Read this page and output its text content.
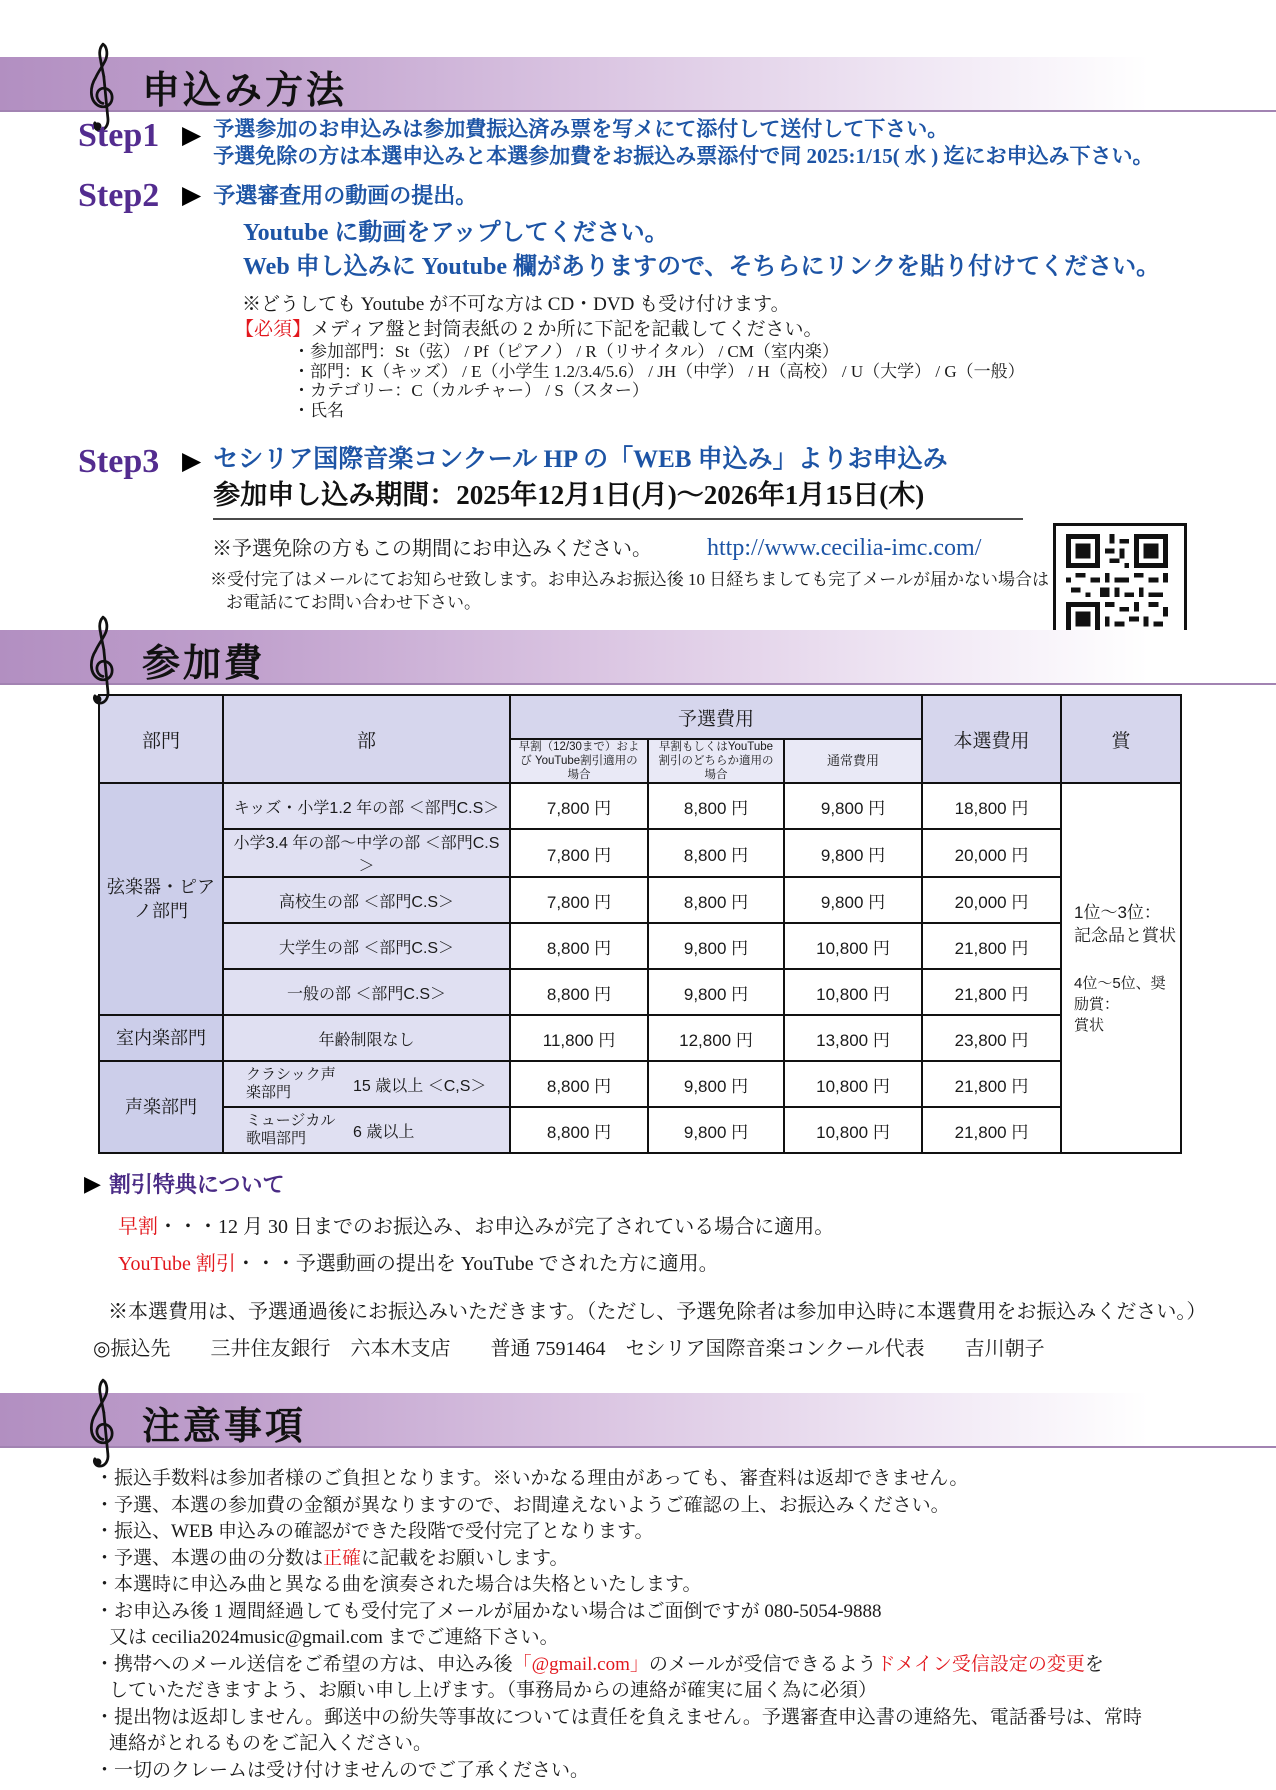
申込み方法
Step1 ▶ 予選参加のお申込みは参加費振込済み票を写メにて添付して送付して下さい。
予選免除の方は本選申込みと本選参加費をお振込み票添付で同 2025:1/15( 水 ) 迄にお申込み下さい。
Step2 ▶ 予選審査用の動画の提出。
Youtube に動画をアップしてください。
Web 申し込みに Youtube 欄がありますので、そちらにリンクを貼り付けてください。
※どうしても Youtube が不可な方は CD・DVD も受け付けます。
【必須】メディア盤と封筒表紙の 2 か所に下記を記載してください。
・参加部門：St（弦） / Pf（ピアノ） / R（リサイタル） / CM（室内楽）
・部門：K（キッズ） / E（小学生 1.2/3.4/5.6） / JH（中学） / H（高校） / U（大学） / G（一般）
・カテゴリー：C（カルチャー） / S（スター）
・氏名
Step3 ▶ セシリア国際音楽コンクール HP の「WEB 申込み」よりお申込み
参加申し込み期間：2025年12月1日(月)～2026年1月15日(木)
※予選免除の方もこの期間にお申込みください。 http://www.cecilia-imc.com/
※受付完了はメールにてお知らせ致します。お申込みお振込後 10 日経ちましても完了メールが届かない場合は
お電話にてお問い合わせ下さい。
参加費
部門	部	予選費用			本選費用	賞
		早割（12/30まで）および YouTube割引適用の場合	早割もしくはYouTube 割引のどちらか適用の場合	通常費用		
弦楽器・ピアノ部門	キッズ・小学1.2 年の部 ＜部門C.S＞	7,800 円	8,800 円	9,800 円	18,800 円	1位～3位：
記念品と賞状
4位～5位、奨励賞：
賞状

	小学3.4 年の部～中学の部 ＜部門C.S＞	7,800 円	8,800 円	9,800 円	20,000 円	
	高校生の部 ＜部門C.S＞	7,800 円	8,800 円	9,800 円	20,000 円	
	大学生の部 ＜部門C.S＞	8,800 円	9,800 円	10,800 円	21,800 円	
	一般の部 ＜部門C.S＞	8,800 円	9,800 円	10,800 円	21,800 円	
室内楽部門	年齢制限なし	11,800 円	12,800 円	13,800 円	23,800 円	
声楽部門	クラシック声楽部門 15 歳以上 ＜C,S＞	8,800 円	9,800 円	10,800 円	21,800 円	

	ミュージカル歌唱部門 6 歳以上	8,800 円	9,800 円	10,800 円	21,800 円	
▶ 割引特典について
早割・・・12 月 30 日までのお振込み、お申込みが完了されている場合に適用。
YouTube 割引・・・予選動画の提出を YouTube でされた方に適用。
※本選費用は、予選通過後にお振込みいただきます。（ただし、予選免除者は参加申込時に本選費用をお振込みください。）
◎振込先　　三井住友銀行　六本木支店　　普通 7591464　セシリア国際音楽コンクール代表　　吉川朝子
注意事項
・振込手数料は参加者様のご負担となります。※いかなる理由があっても、審査料は返却できません。
・予選、本選の参加費の金額が異なりますので、お間違えないようご確認の上、お振込みください。
・振込、WEB 申込みの確認ができた段階で受付完了となります。
・予選、本選の曲の分数は正確に記載をお願いします。
・本選時に申込み曲と異なる曲を演奏された場合は失格といたします。
・お申込み後 1 週間経過しても受付完了メールが届かない場合はご面倒ですが 080-5054-9888
又は cecilia2024music@gmail.com までご連絡下さい。
・携帯へのメール送信をご希望の方は、申込み後「@gmail.com」のメールが受信できるようドメイン受信設定の変更を
していただきますよう、お願い申し上げます。（事務局からの連絡が確実に届く為に必須）
・提出物は返却しません。郵送中の紛失等事故については責任を負えません。予選審査申込書の連絡先、電話番号は、常時
連絡がとれるものをご記入ください。
・一切のクレームは受け付けませんのでご了承ください。
